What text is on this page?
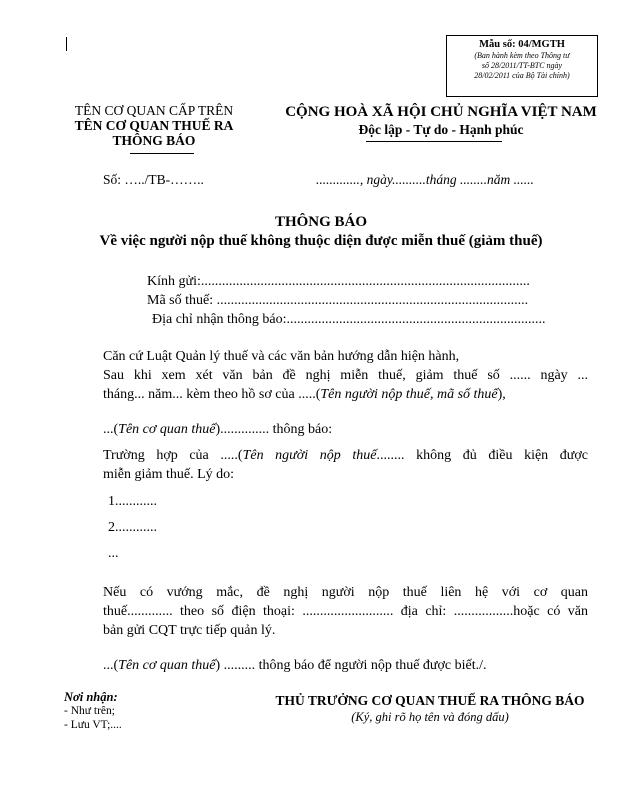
Mẫu số: 04/MGTH
(Ban hành kèm theo Thông tư
số 28/2011/TT-BTC ngày
28/02/2011 của Bộ Tài chính)
TÊN CƠ QUAN CẤP TRÊN
TÊN CƠ QUAN THUẾ RA
THÔNG BÁO
CỘNG HOÀ XÃ HỘI CHỦ NGHĨA VIỆT NAM
Độc lập - Tự do - Hạnh phúc
Số: …../TB-……..	............., ngày..........tháng ........năm ......
THÔNG BÁO
Về việc người nộp thuế không thuộc diện được miễn thuế (giảm thuế)
Kính gửi:..............................................................................................
Mã số thuế: .........................................................................................
Địa chỉ nhận thông báo:..........................................................................
Căn cứ Luật Quản lý thuế và các văn bản hướng dẫn hiện hành,
Sau khi xem xét văn bản đề nghị miễn thuế, giảm thuế số ...... ngày ...
tháng... năm... kèm theo hồ sơ của .....(Tên người nộp thuế, mã số thuế),
...(Tên cơ quan thuế).............. thông báo:
Trường hợp của .....(Tên người nộp thuế........ không đủ điều kiện được
miễn giảm thuế. Lý do:
1............
2............
...
Nếu có vướng mắc, đề nghị người nộp thuế liên hệ với cơ quan
thuế............. theo số điện thoại: .......................... địa chỉ: .................hoặc có văn
bản gửi CQT trực tiếp quản lý.
...(Tên cơ quan thuế) ......... thông báo để người nộp thuế được biết./.
Nơi nhận:
- Như trên;
- Lưu VT;....
THỦ TRƯỞNG CƠ QUAN THUẾ RA THÔNG BÁO
(Ký, ghi rõ họ tên và đóng dấu)
